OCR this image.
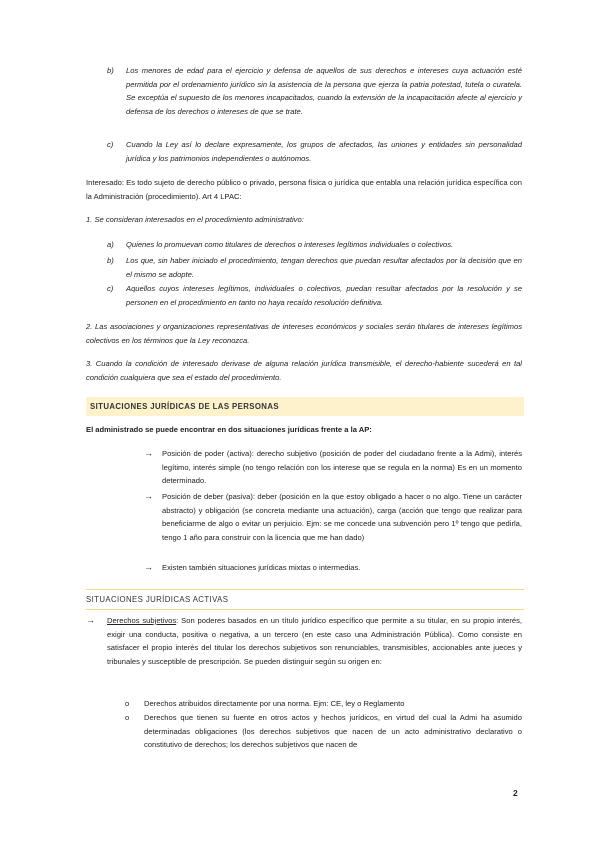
b) Los menores de edad para el ejercicio y defensa de aquellos de sus derechos e intereses cuya actuación esté permitida por el ordenamiento jurídico sin la asistencia de la persona que ejerza la patria potestad, tutela o curatela. Se exceptúa el supuesto de los menores incapacitados, cuando la extensión de la incapacitación afecte al ejercicio y defensa de los derechos o intereses de que se trate.
c) Cuando la Ley así lo declare expresamente, los grupos de afectados, las uniones y entidades sin personalidad jurídica y los patrimonios independientes o autónomos.
Interesado: Es todo sujeto de derecho público o privado, persona física o jurídica que entabla una relación jurídica específica con la Administración (procedimiento). Art 4 LPAC:
1. Se consideran interesados en el procedimiento administrativo:
a) Quienes lo promuevan como titulares de derechos o intereses legítimos individuales o colectivos.
b) Los que, sin haber iniciado el procedimiento, tengan derechos que puedan resultar afectados por la decisión que en el mismo se adopte.
c) Aquellos cuyos intereses legítimos, individuales o colectivos, puedan resultar afectados por la resolución y se personen en el procedimiento en tanto no haya recaído resolución definitiva.
2. Las asociaciones y organizaciones representativas de intereses económicos y sociales serán titulares de intereses legítimos colectivos en los términos que la Ley reconozca.
3. Cuando la condición de interesado derivase de alguna relación jurídica transmisible, el derecho-habiente sucederá en tal condición cualquiera que sea el estado del procedimiento.
SITUACIONES JURÍDICAS DE LAS PERSONAS
El administrado se puede encontrar en dos situaciones jurídicas frente a la AP:
→ Posición de poder (activa): derecho subjetivo (posición de poder del ciudadano frente a la Admi), interés legítimo, interés simple (no tengo relación con los interese que se regula en la norma) Es en un momento determinado.
→ Posición de deber (pasiva): deber (posición en la que estoy obligado a hacer o no algo. Tiene un carácter abstracto) y obligación (se concreta mediante una actuación), carga (acción que tengo que realizar para beneficiarme de algo o evitar un perjuicio. Ejm: se me concede una subvención pero 1º tengo que pedirla, tengo 1 año para construir con la licencia que me han dado)
→ Existen también situaciones jurídicas mixtas o intermedias.
SITUACIONES JURÍDICAS ACTIVAS
→ Derechos subjetivos: Son poderes basados en un título jurídico específico que permite a su titular, en su propio interés, exigir una conducta, positiva o negativa, a un tercero (en este caso una Administración Pública). Como consiste en satisfacer el propio interés del titular los derechos subjetivos son renunciables, transmisibles, accionables ante jueces y tribunales y susceptible de prescripción. Se pueden distinguir según su origen en:
o Derechos atribuidos directamente por una norma. Ejm: CE, ley o Reglamento
o Derechos que tienen su fuente en otros actos y hechos jurídicos, en virtud del cual la Admi ha asumido determinadas obligaciones (los derechos subjetivos que nacen de un acto administrativo declarativo o constitutivo de derechos; los derechos subjetivos que nacen de
2
